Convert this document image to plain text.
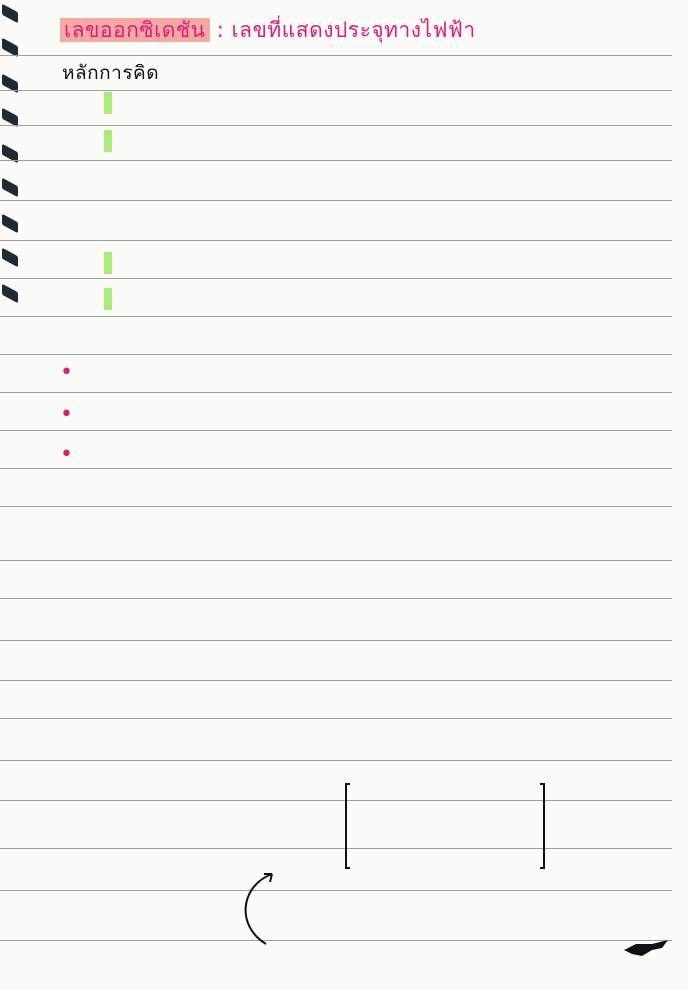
เลขออกซิเดชัน : เลขที่แสดงประจุทางไฟฟ้า
หลักการคิด
•
•
•
